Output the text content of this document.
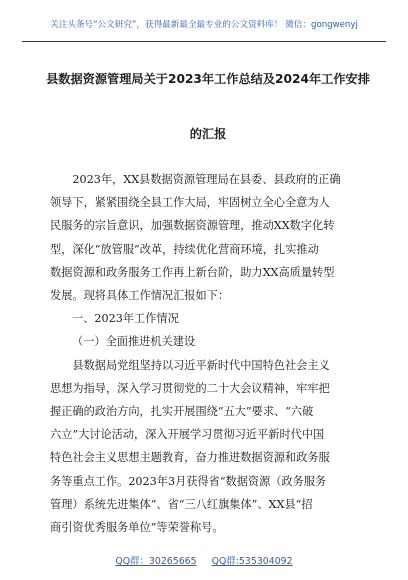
关注头条号“公文研究”，获得最新最全最专业的公文资料库！ 微信：gongwenyj
县数据资源管理局关于2023年工作总结及2024年工作安排
的汇报

2023年，XX县数据资源管理局在县委、县政府的正确

领导下，紧紧围绕全县工作大局，牢固树立全心全意为人

民服务的宗旨意识，加强数据资源管理，推动XX数字化转

型，深化“放管服”改革，持续优化营商环境，扎实推动

数据资源和政务服务工作再上新台阶，助力XX高质量转型

发展。现将具体工作情况汇报如下：

一、2023年工作情况

（一）全面推进机关建设

县数据局党组坚持以习近平新时代中国特色社会主义

思想为指导，深入学习贯彻党的二十大会议精神，牢牢把

握正确的政治方向，扎实开展围绕“五大”要求、“六破

六立”大讨论活动，深入开展学习贯彻习近平新时代中国

特色社会主义思想主题教育，奋力推进数据资源和政务服

务等重点工作。2023年3月获得省“数据资源（政务服务

管理）系统先进集体”、省“三八红旗集体”、XX县“招

商引资优秀服务单位”等荣誉称号。

QQ群：30265665 QQ群:535304092
